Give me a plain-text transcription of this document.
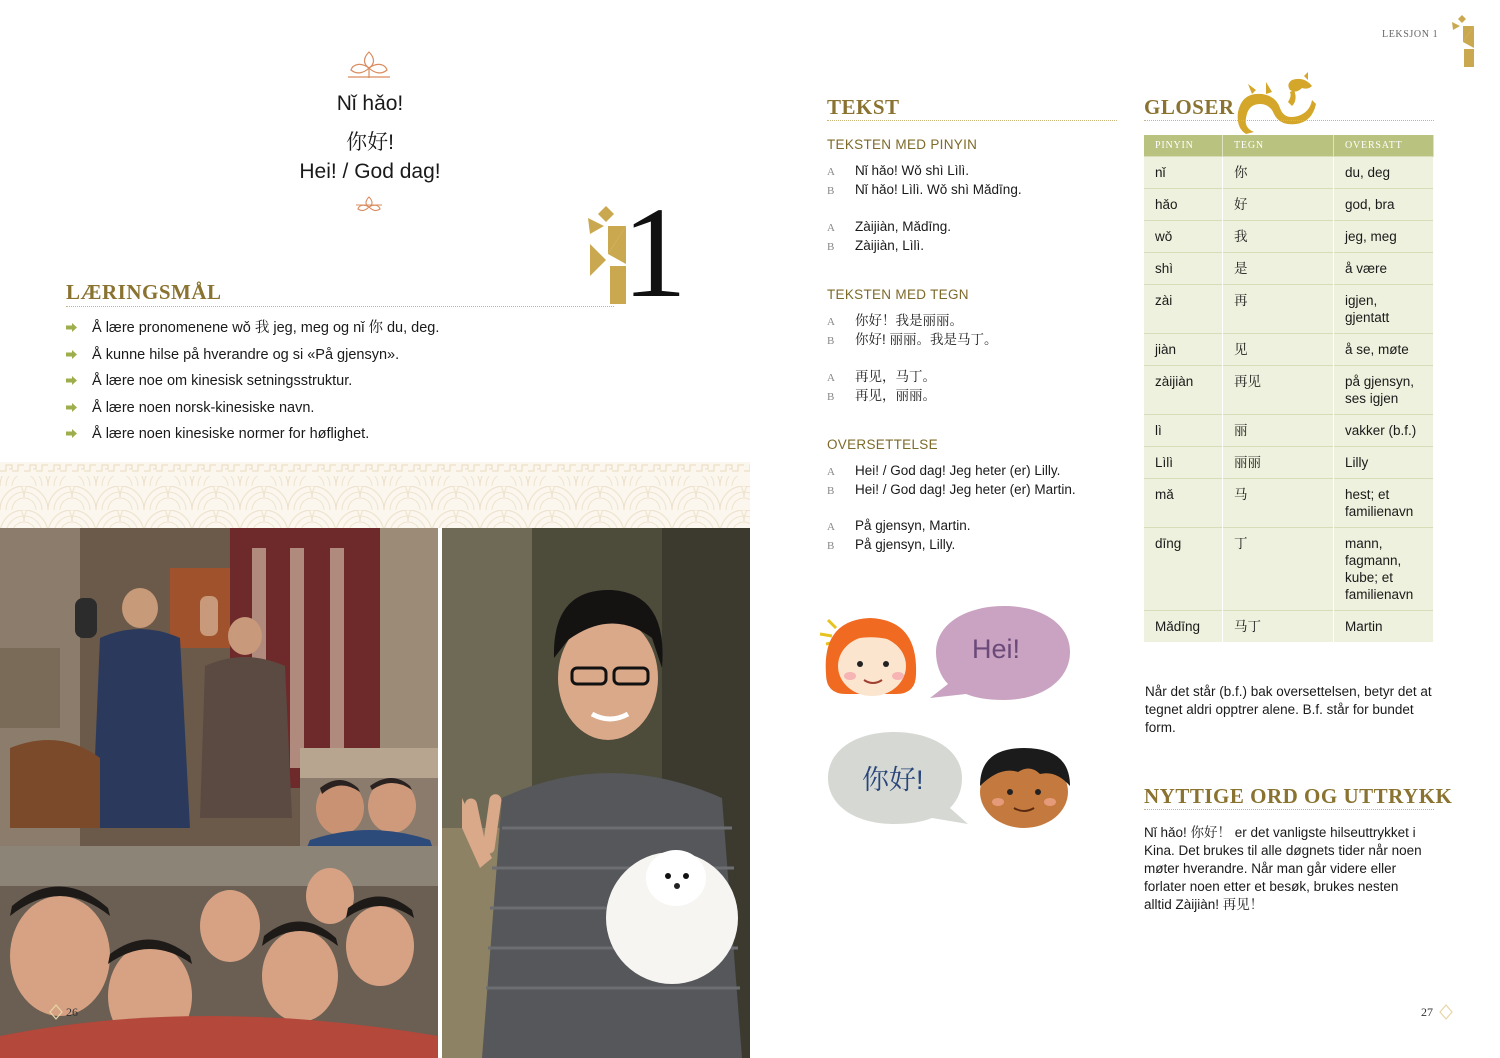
Nǐ hǎo!
你好!
Hei! / God dag!
1
LÆRINGSMÅL
Å lære pronomenene wǒ 我 jeg, meg og nǐ 你 du, deg.
Å kunne hilse på hverandre og si «På gjensyn».
Å lære noe om kinesisk setningsstruktur.
Å lære noen norsk-kinesiske navn.
Å lære noen kinesiske normer for høflighet.
26
LEKSJON 1
TEKST
TEKSTEN MED PINYIN
A Nǐ hǎo! Wǒ shì Lìlì.
B Nǐ hǎo! Lìlì. Wǒ shì Mǎdīng.
A Zàijiàn, Mǎdīng.
B Zàijiàn, Lìlì.
TEKSTEN MED TEGN
A 你好！我是丽丽。
B 你好! 丽丽。我是马丁。
A 再见，马丁。
B 再见，丽丽。
OVERSETTELSE
A Hei! / God dag! Jeg heter (er) Lilly.
B Hei! / God dag! Jeg heter (er) Martin.
A På gjensyn, Martin.
B På gjensyn, Lilly.
Hei!
你好!
GLOSER
PINYIN	TEGN	OVERSATT
nǐ	你	du, deg
hǎo	好	god, bra
wǒ	我	jeg, meg
shì	是	å være
zài	再	igjen, gjentatt
jiàn	见	å se, møte
zàijiàn	再见	på gjensyn, ses igjen
lì	丽	vakker (b.f.)
Lìlì	丽丽	Lilly
mǎ	马	hest; et familienavn
dīng	丁	mann, fagmann, kube; et familienavn
Mǎdīng	马丁	Martin
Når det står (b.f.) bak oversettelsen, betyr det at tegnet aldri opptrer alene. B.f. står for bundet form.
NYTTIGE ORD OG UTTRYKK
Nǐ hǎo! 你好！ er det vanligste hilseuttrykket i Kina. Det brukes til alle døgnets tider når noen møter hverandre. Når man går videre eller forlater noen etter et besøk, brukes nesten alltid Zàijiàn! 再见！
27
